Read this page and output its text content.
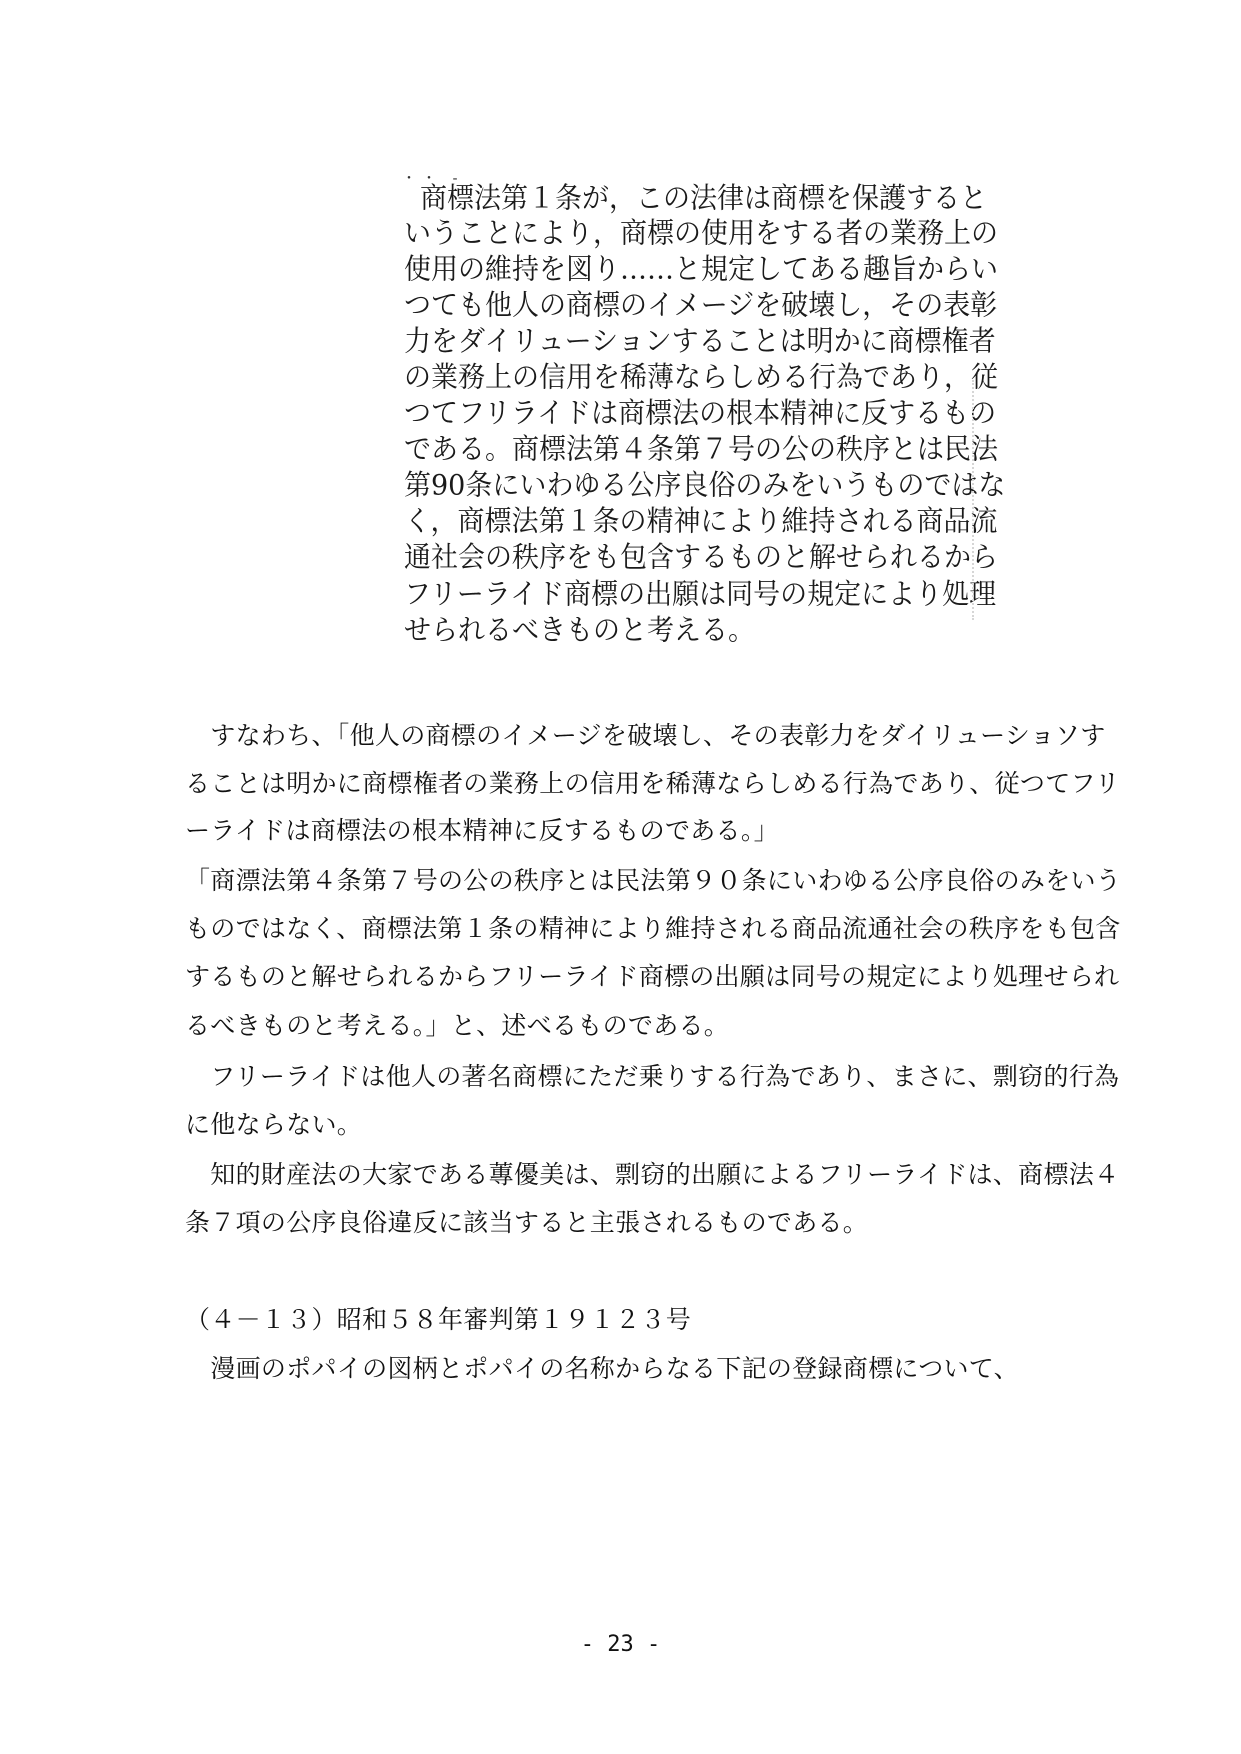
・・ -
商標法第１条が，この法律は商標を保護すると
いうことにより，商標の使用をする者の業務上の
使用の維持を図り……と規定してある趣旨からい
つても他人の商標のイメージを破壊し，その表彰
力をダイリューションすることは明かに商標権者
の業務上の信用を稀薄ならしめる行為であり，従
つてフリライドは商標法の根本精神に反するもの
である。商標法第４条第７号の公の秩序とは民法
第90条にいわゆる公序良俗のみをいうものではな
く，商標法第１条の精神により維持される商品流
通社会の秩序をも包含するものと解せられるから
フリーライド商標の出願は同号の規定により処理
せられるべきものと考える。
　すなわち、「他人の商標のイメージを破壊し、その表彰力をダイリューショソす
ることは明かに商標権者の業務上の信用を稀薄ならしめる行為であり、従つてフリ
ーライドは商標法の根本精神に反するものである。」
「商漂法第４条第７号の公の秩序とは民法第９０条にいわゆる公序良俗のみをいう
ものではなく、商標法第１条の精神により維持される商品流通社会の秩序をも包含
するものと解せられるからフリーライド商標の出願は同号の規定により処理せられ
るべきものと考える。」と、述べるものである。
　フリーライドは他人の著名商標にただ乗りする行為であり、まさに、剽窃的行為
に他ならない。
　知的財産法の大家である蓴優美は、剽窃的出願によるフリーライドは、商標法４
条７項の公序良俗違反に該当すると主張されるものである。
（４－１３）昭和５８年審判第１９１２３号
　漫画のポパイの図柄とポパイの名称からなる下記の登録商標について、
- 23 -
